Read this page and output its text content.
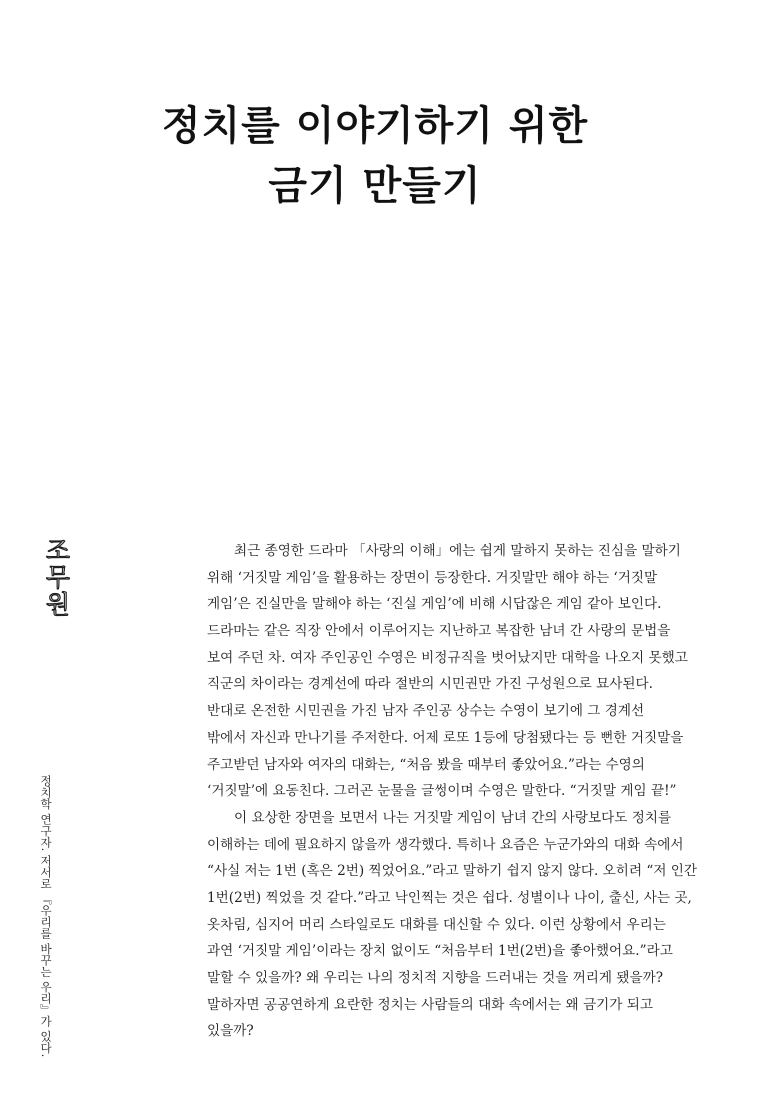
정치를 이야기하기 위한
금기 만들기
조무원
정치학 연구자. 저서로 『우리를 바꾸는 우리』가 있다.
최근 종영한 드라마 「사랑의 이해」에는 쉽게 말하지 못하는 진심을 말하기
위해 ‘거짓말 게임’을 활용하는 장면이 등장한다. 거짓말만 해야 하는 ‘거짓말
게임’은 진실만을 말해야 하는 ‘진실 게임’에 비해 시답잖은 게임 같아 보인다.
드라마는 같은 직장 안에서 이루어지는 지난하고 복잡한 남녀 간 사랑의 문법을
보여 주던 차. 여자 주인공인 수영은 비정규직을 벗어났지만 대학을 나오지 못했고
직군의 차이라는 경계선에 따라 절반의 시민권만 가진 구성원으로 묘사된다.
반대로 온전한 시민권을 가진 남자 주인공 상수는 수영이 보기에 그 경계선
밖에서 자신과 만나기를 주저한다. 어제 로또 1등에 당첨됐다는 등 뻔한 거짓말을
주고받던 남자와 여자의 대화는, “처음 봤을 때부터 좋았어요.”라는 수영의
‘거짓말’에 요동친다. 그러곤 눈물을 글썽이며 수영은 말한다. “거짓말 게임 끝!”
이 요상한 장면을 보면서 나는 거짓말 게임이 남녀 간의 사랑보다도 정치를
이해하는 데에 필요하지 않을까 생각했다. 특히나 요즘은 누군가와의 대화 속에서
“사실 저는 1번 (혹은 2번) 찍었어요.”라고 말하기 쉽지 않지 않다. 오히려 “저 인간
1번(2번) 찍었을 것 같다.”라고 낙인찍는 것은 쉽다. 성별이나 나이, 출신, 사는 곳,
옷차림, 심지어 머리 스타일로도 대화를 대신할 수 있다. 이런 상황에서 우리는
과연 ‘거짓말 게임’이라는 장치 없이도 “처음부터 1번(2번)을 좋아했어요.”라고
말할 수 있을까? 왜 우리는 나의 정치적 지향을 드러내는 것을 꺼리게 됐을까?
말하자면 공공연하게 요란한 정치는 사람들의 대화 속에서는 왜 금기가 되고
있을까?
